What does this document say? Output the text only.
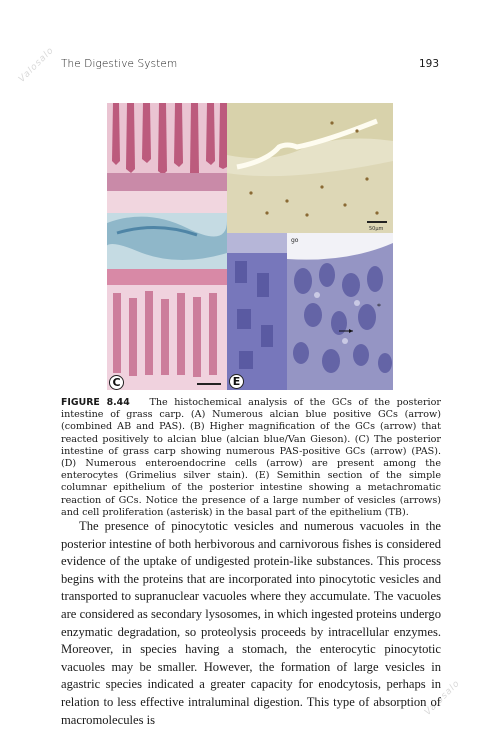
The Digestive System	193
Valosalo
Valosalo
C
50μm
E
*
go
FIGURE 8.44 The histochemical analysis of the GCs of the posterior intestine of grass carp. (A) Numerous alcian blue positive GCs (arrow) (combined AB and PAS). (B) Higher magnification of the GCs (arrow) that reacted positively to alcian blue (alcian blue/Van Gieson). (C) The posterior intestine of grass carp showing numerous PAS-positive GCs (arrow) (PAS). (D) Numerous enteroendocrine cells (arrow) are present among the enterocytes (Grimelius silver stain). (E) Semithin section of the simple columnar epithelium of the posterior intestine showing a metachromatic reaction of GCs. Notice the presence of a large number of vesicles (arrows) and cell proliferation (asterisk) in the basal part of the epithelium (TB).
The presence of pinocytotic vesicles and numerous vacuoles in the posterior intestine of both herbivorous and carnivorous fishes is considered evidence of the uptake of undigested protein-like substances. This process begins with the proteins that are incorporated into pinocytotic vesicles and transported to supranuclear vacuoles where they accumulate. The vacuoles are considered as secondary lysosomes, in which ingested proteins undergo enzymatic degradation, so proteolysis proceeds by intracellular enzymes. Moreover, in species having a stomach, the enterocytic pinocytotic vacuoles may be smaller. However, the formation of large vesicles in agastric species indicated a greater capacity for enodcytosis, perhaps in relation to less effective intraluminal digestion. This type of absorption of macromolecules is
